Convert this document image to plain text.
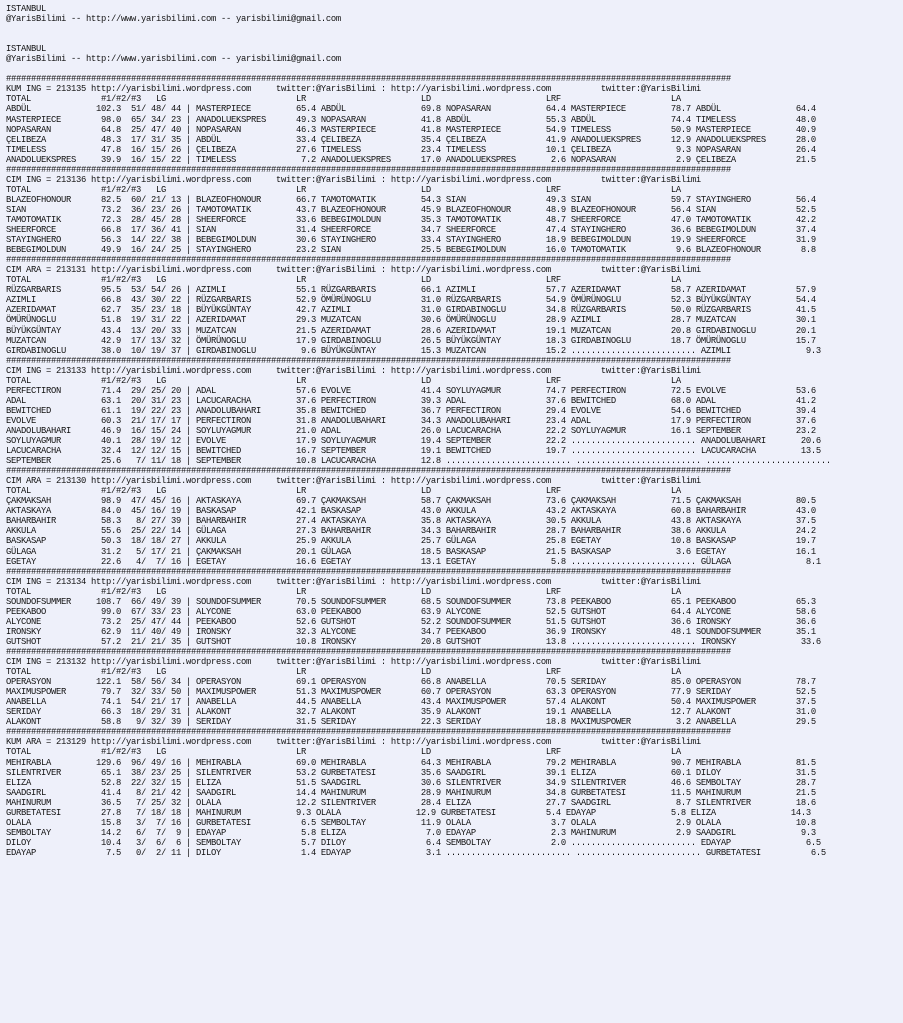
ISTANBUL
@YarisBilimi -- http://www.yarisbilimi.com -- yarisbilimi@gmail.com

ISTANBUL
@YarisBilimi -- http://www.yarisbilimi.com -- yarisbilimi@gmail.com

#################################################################################################################################################
KUM ING = 213135 http://yarisbilimi.wordpress.com     twitter:@YarisBilimi : http://yarisbilimi.wordpress.com          twitter:@YarisBilimi
TOTAL              #1/#2/#3   LG                          LR                       LD                       LRF                      LA
ABDÜL             102.3  51/ 48/ 44 | MASTERPIECE         65.4 ABDÜL               69.8 NOPASARAN           64.4 MASTERPIECE         78.7 ABDÜL               64.4
MASTERPIECE        98.0  65/ 34/ 23 | ANADOLUEKSPRES      49.3 NOPASARAN           41.8 ABDÜL               55.3 ABDÜL               74.4 TIMELESS            48.0
NOPASARAN          64.8  25/ 47/ 40 | NOPASARAN           46.3 MASTERPIECE         41.8 MASTERPIECE         54.9 TIMELESS            50.9 MASTERPIECE         40.9
ÇELIBEZA           48.3  17/ 31/ 35 | ABDÜL               33.4 ÇELIBEZA            35.4 ÇELIBEZA            41.9 ANADOLUEKSPRES      12.9 ANADOLUEKSPRES      28.0
TIMELESS           47.8  16/ 15/ 26 | ÇELIBEZA            27.6 TIMELESS            23.4 TIMELESS            10.1 ÇELIBEZA             9.3 NOPASARAN           26.4
ANADOLUEKSPRES     39.9  16/ 15/ 22 | TIMELESS             7.2 ANADOLUEKSPRES      17.0 ANADOLUEKSPRES       2.6 NOPASARAN            2.9 ÇELIBEZA            21.5
#################################################################################################################################################
CIM ING = 213136 http://yarisbilimi.wordpress.com     twitter:@YarisBilimi : http://yarisbilimi.wordpress.com          twitter:@YarisBilimi
TOTAL              #1/#2/#3   LG                          LR                       LD                       LRF                      LA
BLAZEOFHONOUR      82.5  60/ 21/ 13 | BLAZEOFHONOUR       66.7 TAMOTOMATIK         54.3 SIAN                49.3 SIAN                59.7 STAYINGHERO         56.4
SIAN               73.2  36/ 23/ 26 | TAMOTOMATIK         43.7 BLAZEOFHONOUR       45.9 BLAZEOFHONOUR       48.9 BLAZEOFHONOUR       56.4 SIAN                52.5
TAMOTOMATIK        72.3  28/ 45/ 28 | SHEERFORCE          33.6 BEBEGIMOLDUN        35.3 TAMOTOMATIK         48.7 SHEERFORCE          47.0 TAMOTOMATIK         42.2
SHEERFORCE         66.8  17/ 36/ 41 | SIAN                31.4 SHEERFORCE          34.7 SHEERFORCE          47.4 STAYINGHERO         36.6 BEBEGIMOLDUN        37.4
STAYINGHERO        56.3  14/ 22/ 38 | BEBEGIMOLDUN        30.6 STAYINGHERO         33.4 STAYINGHERO         18.9 BEBEGIMOLDUN        19.9 SHEERFORCE          31.9
BEBEGIMOLDUN       49.9  16/ 24/ 25 | STAYINGHERO         23.2 SIAN                25.5 BEBEGIMOLDUN        16.0 TAMOTOMATIK          9.6 BLAZEOFHONOUR        8.8
#################################################################################################################################################
CIM ARA = 213131 http://yarisbilimi.wordpress.com     twitter:@YarisBilimi : http://yarisbilimi.wordpress.com          twitter:@YarisBilimi
TOTAL              #1/#2/#3   LG                          LR                       LD                       LRF                      LA
RÜZGARBARIS        95.5  53/ 54/ 26 | AZIMLI              55.1 RÜZGARBARIS         66.1 AZIMLI              57.7 AZERIDAMAT          58.7 AZERIDAMAT          57.9
AZIMLI             66.8  43/ 30/ 22 | RÜZGARBARIS         52.9 ÖMÜRÜNOGLU          31.0 RÜZGARBARIS         54.9 ÖMÜRÜNOGLU          52.3 BÜYÜKGÜNTAY         54.4
AZERIDAMAT         62.7  35/ 23/ 18 | BÜYÜKGÜNTAY         42.7 AZIMLI              31.0 GIRDABINOGLU        34.8 RÜZGARBARIS         50.0 RÜZGARBARIS         41.5
ÖMÜRÜNOGLU         51.8  19/ 31/ 22 | AZERIDAMAT          29.3 MUZATCAN            30.6 ÖMÜRÜNOGLU          28.9 AZIMLI              28.7 MUZATCAN            30.1
BÜYÜKGÜNTAY        43.4  13/ 20/ 33 | MUZATCAN            21.5 AZERIDAMAT          28.6 AZERIDAMAT          19.1 MUZATCAN            20.8 GIRDABINOGLU        20.1
MUZATCAN           42.9  17/ 13/ 32 | ÖMÜRÜNOGLU          17.9 GIRDABINOGLU        26.5 BÜYÜKGÜNTAY         18.3 GIRDABINOGLU        18.7 ÖMÜRÜNOGLU          15.7
GIRDABINOGLU       38.0  10/ 19/ 37 | GIRDABINOGLU         9.6 BÜYÜKGÜNTAY         15.3 MUZATCAN            15.2 ......................... AZIMLI               9.3
#################################################################################################################################################
CIM ING = 213133 http://yarisbilimi.wordpress.com     twitter:@YarisBilimi : http://yarisbilimi.wordpress.com          twitter:@YarisBilimi
TOTAL              #1/#2/#3   LG                          LR                       LD                       LRF                      LA
PERFECTIRON        71.4  29/ 25/ 20 | ADAL                57.6 EVOLVE              41.4 SOYLUYAGMUR         74.7 PERFECTIRON         72.5 EVOLVE              53.6
ADAL               63.1  20/ 31/ 23 | LACUCARACHA         37.6 PERFECTIRON         39.3 ADAL                37.6 BEWITCHED           68.0 ADAL                41.2
BEWITCHED          61.1  19/ 22/ 23 | ANADOLUBAHARI       35.8 BEWITCHED           36.7 PERFECTIRON         29.4 EVOLVE              54.6 BEWITCHED           39.4
EVOLVE             60.3  21/ 17/ 17 | PERFECTIRON         31.8 ANADOLUBAHARI       34.3 ANADOLUBAHARI       23.4 ADAL                17.9 PERFECTIRON         37.6
ANADOLUBAHARI      46.9  16/ 15/ 24 | SOYLUYAGMUR         21.0 ADAL                26.0 LACUCARACHA         22.2 SOYLUYAGMUR         16.1 SEPTEMBER           23.2
SOYLUYAGMUR        40.1  28/ 19/ 12 | EVOLVE              17.9 SOYLUYAGMUR         19.4 SEPTEMBER           22.2 ......................... ANADOLUBAHARI       20.6
LACUCARACHA        32.4  12/ 12/ 15 | BEWITCHED           16.7 SEPTEMBER           19.1 BEWITCHED           19.7 ......................... LACUCARACHA         13.5
SEPTEMBER          25.6   7/ 11/ 18 | SEPTEMBER           10.8 LACUCARACHA         12.8 ......................... ......................... .........................
#################################################################################################################################################
CIM ARA = 213130 http://yarisbilimi.wordpress.com     twitter:@YarisBilimi : http://yarisbilimi.wordpress.com          twitter:@YarisBilimi
TOTAL              #1/#2/#3   LG                          LR                       LD                       LRF                      LA
ÇAKMAKSAH          98.9  47/ 45/ 16 | AKTASKAYA           69.7 ÇAKMAKSAH           58.7 ÇAKMAKSAH           73.6 ÇAKMAKSAH           71.5 ÇAKMAKSAH           80.5
AKTASKAYA          84.0  45/ 16/ 19 | BASKASAP            42.1 BASKASAP            43.0 AKKULA              43.2 AKTASKAYA           60.8 BAHARBAHIR          43.0
BAHARBAHIR         58.3   8/ 27/ 39 | BAHARBAHIR          27.4 AKTASKAYA           35.8 AKTASKAYA           30.5 AKKULA              43.8 AKTASKAYA           37.5
AKKULA             55.6  25/ 22/ 14 | GÜLAGA              27.3 BAHARBAHIR          34.3 BAHARBAHIR          28.7 BAHARBAHIR          38.6 AKKULA              24.2
BASKASAP           50.3  18/ 18/ 27 | AKKULA              25.9 AKKULA              25.7 GÜLAGA              25.8 EGETAY              10.8 BASKASAP            19.7
GÜLAGA             31.2   5/ 17/ 21 | ÇAKMAKSAH           20.1 GÜLAGA              18.5 BASKASAP            21.5 BASKASAP             3.6 EGETAY              16.1
EGETAY             22.6   4/  7/ 16 | EGETAY              16.6 EGETAY              13.1 EGETAY               5.8 ......................... GÜLAGA               8.1
#################################################################################################################################################
CIM ING = 213134 http://yarisbilimi.wordpress.com     twitter:@YarisBilimi : http://yarisbilimi.wordpress.com          twitter:@YarisBilimi
TOTAL              #1/#2/#3   LG                          LR                       LD                       LRF                      LA
SOUNDOFSUMMER     108.7  66/ 49/ 39 | SOUNDOFSUMMER       70.5 SOUNDOFSUMMER       68.5 SOUNDOFSUMMER       73.8 PEEKABOO            65.1 PEEKABOO            65.3
PEEKABOO           99.0  67/ 33/ 23 | ALYCONE             63.0 PEEKABOO            63.9 ALYCONE             52.5 GUTSHOT             64.4 ALYCONE             58.6
ALYCONE            73.2  25/ 47/ 44 | PEEKABOO            52.6 GUTSHOT             52.2 SOUNDOFSUMMER       51.5 GUTSHOT             36.6 IRONSKY             36.6
IRONSKY            62.9  11/ 40/ 49 | IRONSKY             32.3 ALYCONE             34.7 PEEKABOO            36.9 IRONSKY             48.1 SOUNDOFSUMMER       35.1
GUTSHOT            57.2  21/ 21/ 35 | GUTSHOT             10.8 IRONSKY             20.8 GUTSHOT             13.8 ......................... IRONSKY             33.6
#################################################################################################################################################
CIM ING = 213132 http://yarisbilimi.wordpress.com     twitter:@YarisBilimi : http://yarisbilimi.wordpress.com          twitter:@YarisBilimi
TOTAL              #1/#2/#3   LG                          LR                       LD                       LRF                      LA
OPERASYON         122.1  58/ 56/ 34 | OPERASYON           69.1 OPERASYON           66.8 ANABELLA            70.5 SERIDAY             85.0 OPERASYON           78.7
MAXIMUSPOWER       79.7  32/ 33/ 50 | MAXIMUSPOWER        51.3 MAXIMUSPOWER        60.7 OPERASYON           63.3 OPERASYON           77.9 SERIDAY             52.5
ANABELLA           74.1  54/ 21/ 17 | ANABELLA            44.5 ANABELLA            43.4 MAXIMUSPOWER        57.4 ALAKONT             50.4 MAXIMUSPOWER        37.5
SERIDAY            66.3  18/ 29/ 31 | ALAKONT             32.7 ALAKONT             35.9 ALAKONT             19.1 ANABELLA            12.7 ALAKONT             31.0
ALAKONT            58.8   9/ 32/ 39 | SERIDAY             31.5 SERIDAY             22.3 SERIDAY             18.8 MAXIMUSPOWER         3.2 ANABELLA            29.5
#################################################################################################################################################
KUM ARA = 213129 http://yarisbilimi.wordpress.com     twitter:@YarisBilimi : http://yarisbilimi.wordpress.com          twitter:@YarisBilimi
TOTAL              #1/#2/#3   LG                          LR                       LD                       LRF                      LA
MEHIRABLA         129.6  96/ 49/ 16 | MEHIRABLA           69.0 MEHIRABLA           64.3 MEHIRABLA           79.2 MEHIRABLA           90.7 MEHIRABLA           81.5
SILENTRIVER        65.1  38/ 23/ 25 | SILENTRIVER         53.2 GURBETATESI         35.6 SAADGIRL            39.1 ELIZA               60.1 DILOY               31.5
ELIZA              52.8  22/ 32/ 15 | ELIZA               51.5 SAADGIRL            30.6 SILENTRIVER         34.9 SILENTRIVER         46.6 SEMBOLTAY           28.7
SAADGIRL           41.4   8/ 21/ 42 | SAADGIRL            14.4 MAHINURUM           28.9 MAHINURUM           34.8 GURBETATESI         11.5 MAHINURUM           21.5
MAHINURUM          36.5   7/ 25/ 32 | OLALA               12.2 SILENTRIVER         28.4 ELIZA               27.7 SAADGIRL             8.7 SILENTRIVER         18.6
GURBETATESI        27.8   7/ 18/ 18 | MAHINURUM           9.3 OLALA               12.9 GURBETATESI          5.4 EDAYAP               5.8 ELIZA               14.3
OLALA              15.8   3/  7/ 16 | GURBETATESI          6.5 SEMBOLTAY           11.9 OLALA                3.7 OLALA                2.9 OLALA               10.8
SEMBOLTAY          14.2   6/  7/  9 | EDAYAP               5.8 ELIZA                7.0 EDAYAP               2.3 MAHINURUM            2.9 SAADGIRL             9.3
DILOY              10.4   3/  6/  6 | SEMBOLTAY            5.7 DILOY                6.4 SEMBOLTAY            2.0 ......................... EDAYAP               6.5
EDAYAP              7.5   0/  2/ 11 | DILOY                1.4 EDAYAP               3.1 ......................... ......................... GURBETATESI          6.5
